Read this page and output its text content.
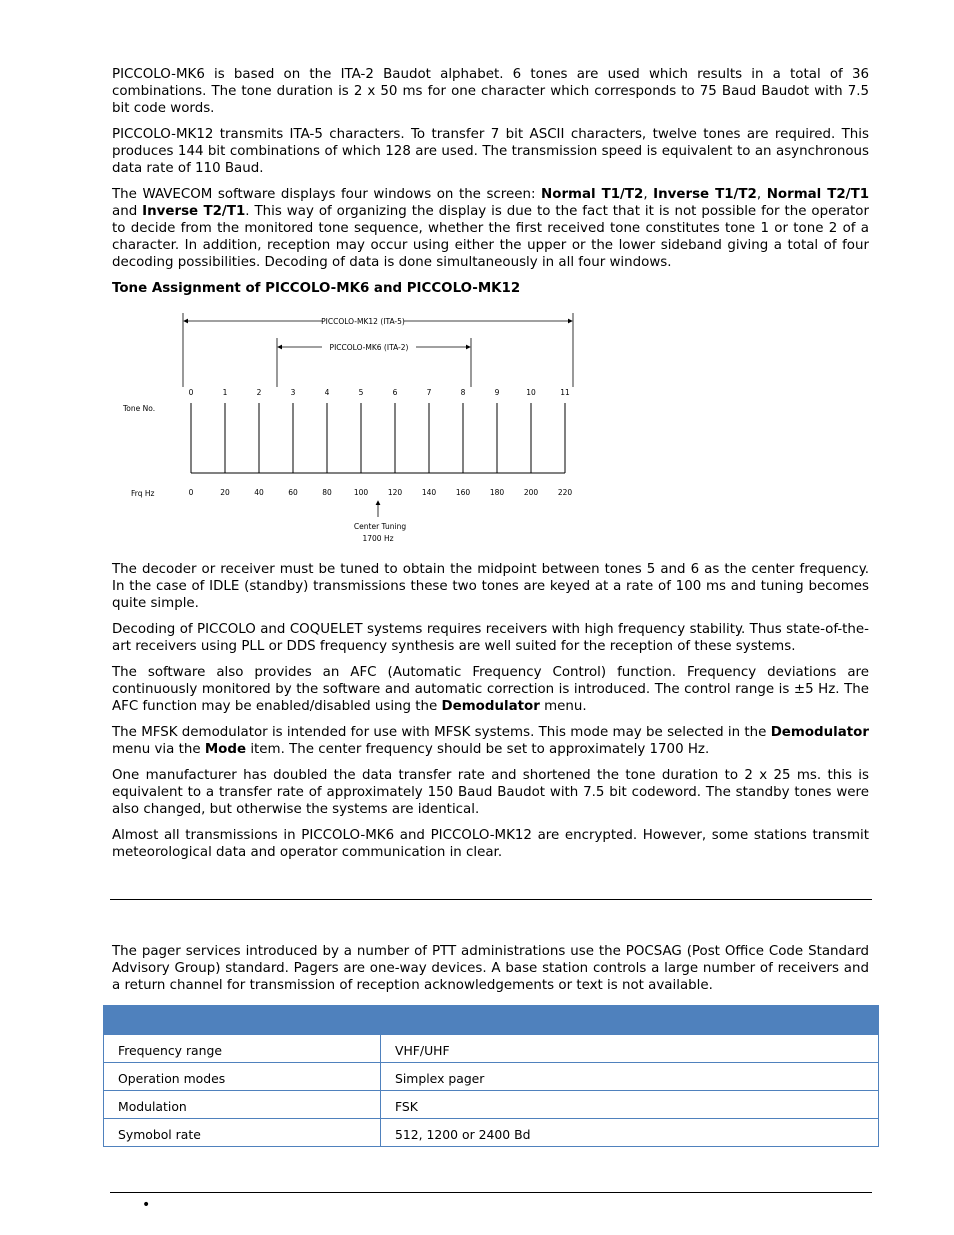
PICCOLO-MK6 is based on the ITA-2 Baudot alphabet. 6 tones are used which results in a total of 36 combinations. The tone duration is 2 x 50 ms for one character which corresponds to 75 Baud Baudot with 7.5 bit code words.

PICCOLO-MK12 transmits ITA-5 characters. To transfer 7 bit ASCII characters, twelve tones are required. This produces 144 bit combinations of which 128 are used. The transmission speed is equivalent to an asynchronous data rate of 110 Baud.

The WAVECOM software displays four windows on the screen: Normal T1/T2, Inverse T1/T2, Normal T2/T1 and Inverse T2/T1. This way of organizing the display is due to the fact that it is not possible for the operator to decide from the monitored tone sequence, whether the first received tone constitutes tone 1 or tone 2 of a character. In addition, reception may occur using either the upper or the lower sideband giving a total of four decoding possibilities. Decoding of data is done simultaneously in all four windows.

Tone Assignment of PICCOLO-MK6 and PICCOLO-MK12
PICCOLO-MK12 (ITA-5)
PICCOLO-MK6 (ITA-2)
Tone No.
Frq Hz
0
0
1
20
2
40
3
60
4
80
5
100
6
120
7
140
8
160
9
180
10
200
11
220
Center Tuning
1700 Hz

The decoder or receiver must be tuned to obtain the midpoint between tones 5 and 6 as the center frequency. In the case of IDLE (standby) transmissions these two tones are keyed at a rate of 100 ms and tuning becomes quite simple.

Decoding of PICCOLO and COQUELET systems requires receivers with high frequency stability. Thus state-of-the-art receivers using PLL or DDS frequency synthesis are well suited for the reception of these systems.

The software also provides an AFC (Automatic Frequency Control) function. Frequency deviations are continuously monitored by the software and automatic correction is introduced. The control range is ±5 Hz. The AFC function may be enabled/disabled using the Demodulator menu.

The MFSK demodulator is intended for use with MFSK systems. This mode may be selected in the Demodulator menu via the Mode item. The center frequency should be set to approximately 1700 Hz.

One manufacturer has doubled the data transfer rate and shortened the tone duration to 2 x 25 ms. this is equivalent to a transfer rate of approximately 150 Baud Baudot with 7.5 bit codeword. The standby tones were also changed, but otherwise the systems are identical.

Almost all transmissions in PICCOLO-MK6 and PICCOLO-MK12 are encrypted. However, some stations transmit meteorological data and operator communication in clear.

The pager services introduced by a number of PTT administrations use the POCSAG (Post Office Code Standard Advisory Group) standard. Pagers are one-way devices. A base station controls a large number of receivers and a return channel for transmission of reception acknowledgements or text is not available.

Frequency range	VHF/UHF
Operation modes	Simplex pager
Modulation	FSK
Symobol rate	512, 1200 or 2400 Bd
•
